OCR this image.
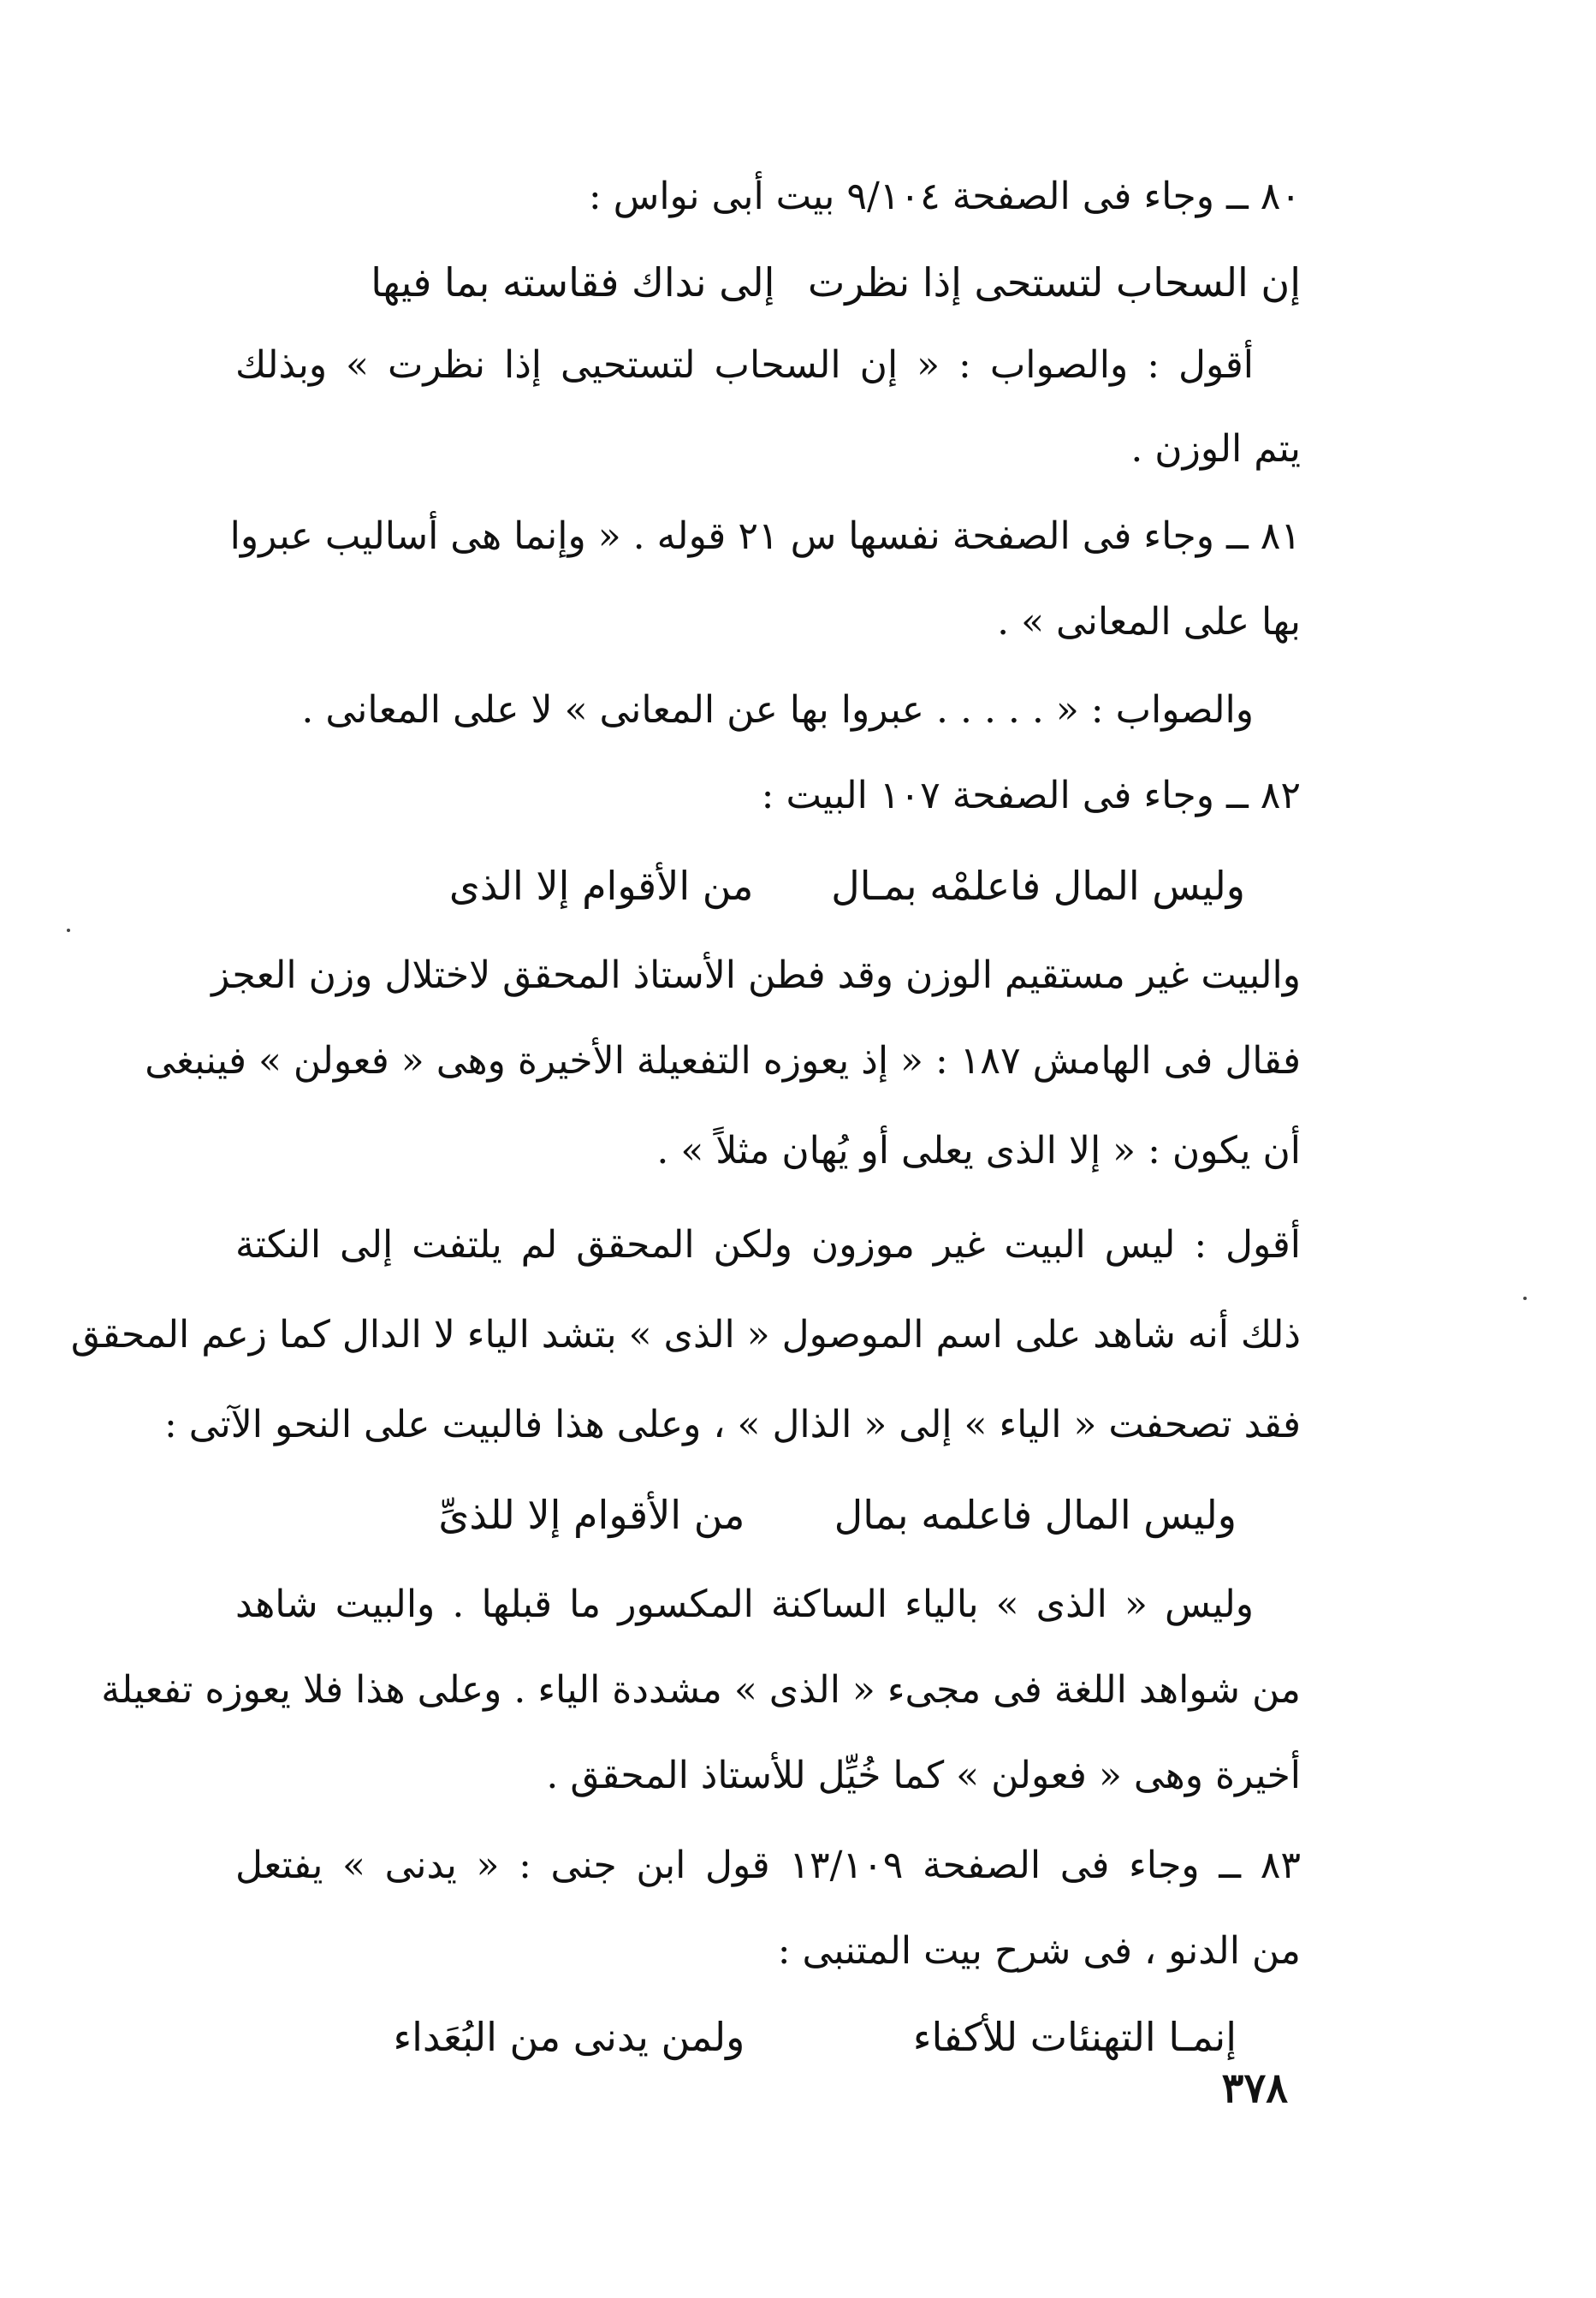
٨٠ ــ وجاء فى الصفحة ٩/١٠٤ بيت أبى نواس :
إن السحاب لتستحى إذا نظرت إلى نداك فقاسته بما فيها
أقول : والصواب : « إن السحاب لتستحيى إذا نظرت » وبذلك
يتم الوزن .
٨١ ــ وجاء فى الصفحة نفسها س ٢١ قوله . « وإنما هى أساليب عبروا
بها على المعانى » .
والصواب : « . . . . . عبروا بها عن المعانى » لا على المعانى .
٨٢ ــ وجاء فى الصفحة ١٠٧ البيت :
وليس المال فاعلمْه بمـال من الأقوام إلا الذى
والبيت غير مستقيم الوزن وقد فطن الأستاذ المحقق لاختلال وزن العجز
فقال فى الهامش ١٨٧ : « إذ يعوزه التفعيلة الأخيرة وهى « فعولن » فينبغى
أن يكون : « إلا الذى يعلى أو يُهان مثلاً » .
أقول : ليس البيت غير موزون ولكن المحقق لم يلتفت إلى النكتة
ذلك أنه شاهد على اسم الموصول « الذى » بتشد الياء لا الدال كما زعم المحقق
فقد تصحفت « الياء » إلى « الذال » ، وعلى هذا فالبيت على النحو الآتى :
وليس المال فاعلمه بمال من الأقوام إلا للذىِّ
وليس « الذى » بالياء الساكنة المكسور ما قبلها . والبيت شاهد
من شواهد اللغة فى مجىء « الذى » مشددة الياء . وعلى هذا فلا يعوزه تفعيلة
أخيرة وهى « فعولن » كما خُيِّل للأستاذ المحقق .
٨٣ ــ وجاء فى الصفحة ١٣/١٠٩ قول ابن جنى : « يدنى » يفتعل
من الدنو ، فى شرح بيت المتنبى :
إنمـا التهنئات للأكفاء ولمن يدنى من البُعَداء
٣٧٨
